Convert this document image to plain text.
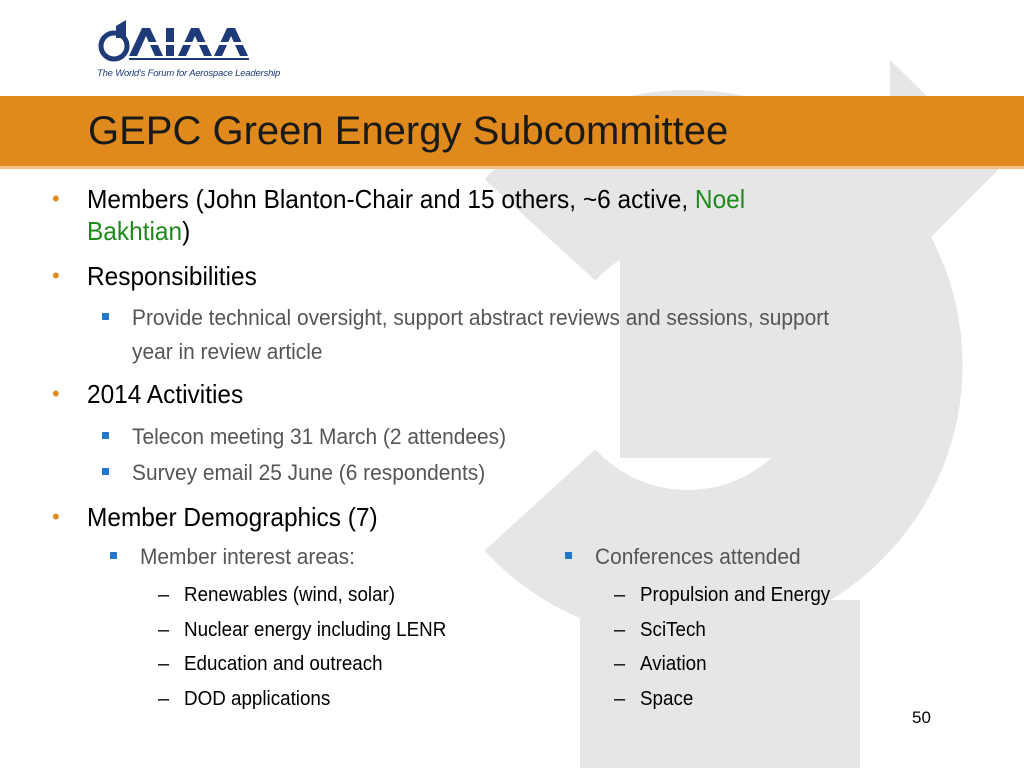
The World's Forum for Aerospace Leadership
GEPC Green Energy Subcommittee
• Members (John Blanton-Chair and 15 others, ~6 active, Noel
Bakhtian)
• Responsibilities
Provide technical oversight, support abstract reviews and sessions, support
year in review article
• 2014 Activities
Telecon meeting 31 March (2 attendees)
Survey email 25 June (6 respondents)
• Member Demographics (7)
Member interest areas:
– Renewables (wind, solar)
– Nuclear energy including LENR
– Education and outreach
– DOD applications
Conferences attended
– Propulsion and Energy
– SciTech
– Aviation
– Space
50
